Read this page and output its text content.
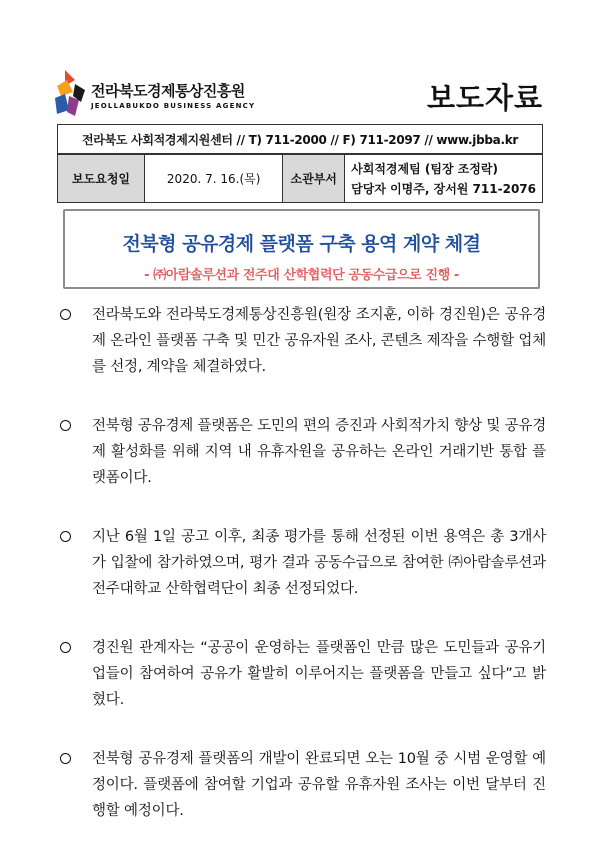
전라북도경제통상진흥원
JEOLLABUKDO BUSINESS AGENCY	보도자료
전라북도 사회적경제지원센터 // T) 711-2000 // F) 711-2097 // www.jbba.kr
보도요청일	2020. 7. 16.(목)	소관부서	
사회적경제팀 (팀장 조정락)
담당자 이명주, 장서원 711-2076
전북형 공유경제 플랫폼 구축 용역 계약 체결
- ㈜아람솔루션과 전주대 산학협력단 공동수급으로 진행 -
전라북도와 전라북도경제통상진흥원(원장 조지훈, 이하 경진원)은 공유경제 온라인 플랫폼 구축 및 민간 공유자원 조사, 콘텐츠 제작을 수행할 업체를 선정, 계약을 체결하였다.
전북형 공유경제 플랫폼은 도민의 편의 증진과 사회적가치 향상 및 공유경제 활성화를 위해 지역 내 유휴자원을 공유하는 온라인 거래기반 통합 플랫폼이다.
지난 6월 1일 공고 이후, 최종 평가를 통해 선정된 이번 용역은 총 3개사가 입찰에 참가하였으며, 평가 결과 공동수급으로 참여한 ㈜아람솔루션과 전주대학교 산학협력단이 최종 선정되었다.
경진원 관계자는 “공공이 운영하는 플랫폼인 만큼 많은 도민들과 공유기업들이 참여하여 공유가 활발히 이루어지는 플랫폼을 만들고 싶다”고 밝혔다.
전북형 공유경제 플랫폼의 개발이 완료되면 오는 10월 중 시범 운영할 예정이다. 플랫폼에 참여할 기업과 공유할 유휴자원 조사는 이번 달부터 진행할 예정이다.
